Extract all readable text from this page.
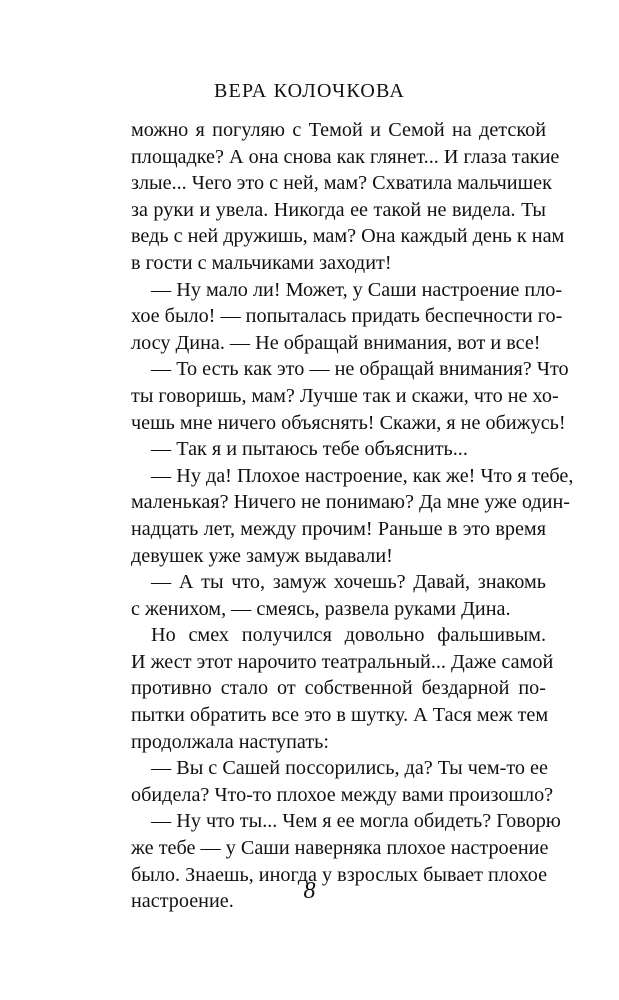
ВЕРА КОЛОЧКОВА
можно я погуляю с Темой и Семой на детской
площадке? А она снова как глянет... И глаза такие
злые... Чего это с ней, мам? Схватила мальчишек
за руки и увела. Никогда ее такой не видела. Ты
ведь с ней дружишь, мам? Она каждый день к нам
в гости с мальчиками заходит!
— Ну мало ли! Может, у Саши настроение пло-
хое было! — попыталась придать беспечности го-
лосу Дина. — Не обращай внимания, вот и все!
— То есть как это — не обращай внимания? Что
ты говоришь, мам? Лучше так и скажи, что не хо-
чешь мне ничего объяснять! Скажи, я не обижусь!
— Так я и пытаюсь тебе объяснить...
— Ну да! Плохое настроение, как же! Что я тебе,
маленькая? Ничего не понимаю? Да мне уже один-
надцать лет, между прочим! Раньше в это время
девушек уже замуж выдавали!
— А ты что, замуж хочешь? Давай, знакомь
с женихом, — смеясь, развела руками Дина.
Но смех получился довольно фальшивым.
И жест этот нарочито театральный... Даже самой
противно стало от собственной бездарной по-
пытки обратить все это в шутку. А Тася меж тем
продолжала наступать:
— Вы с Сашей поссорились, да? Ты чем-то ее
обидела? Что-то плохое между вами произошло?
— Ну что ты... Чем я ее могла обидеть? Говорю
же тебе — у Саши наверняка плохое настроение
было. Знаешь, иногда у взрослых бывает плохое
настроение.	8
